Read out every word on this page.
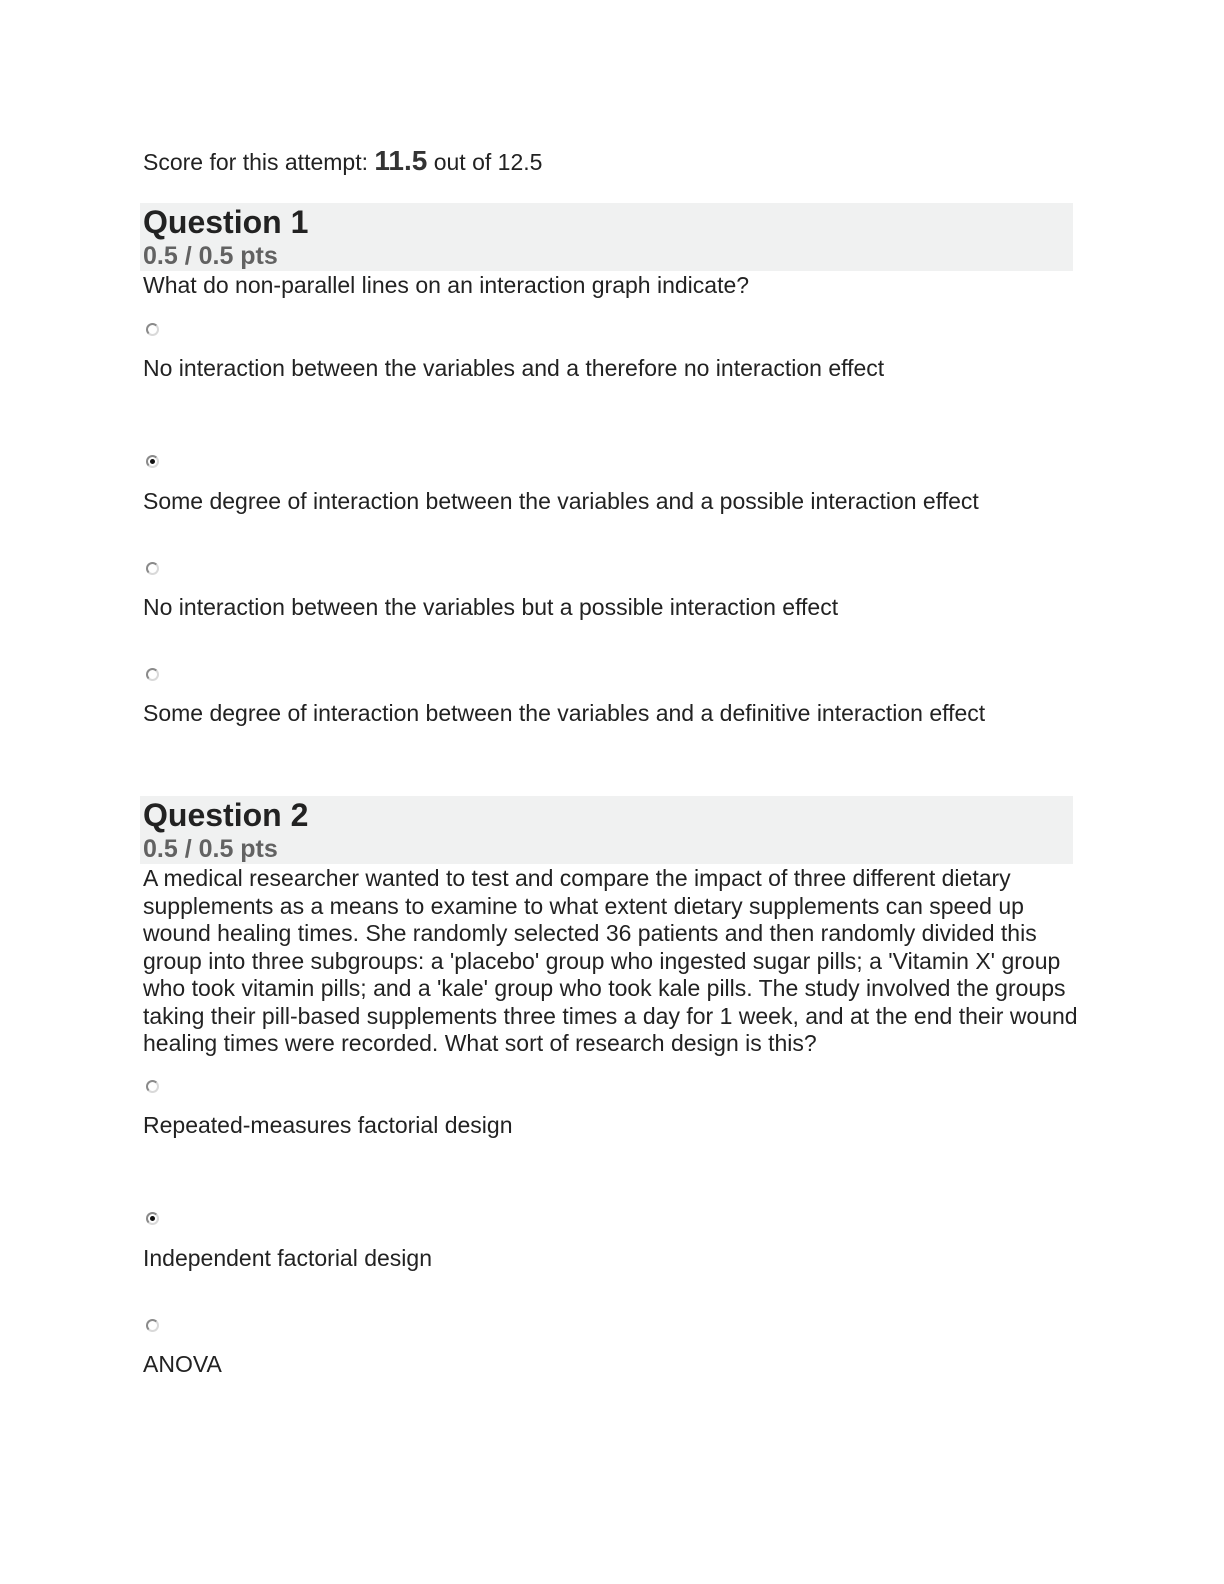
Score for this attempt: 11.5 out of 12.5
Question 1
0.5 / 0.5 pts
What do non-parallel lines on an interaction graph indicate?
No interaction between the variables and a therefore no interaction effect
Some degree of interaction between the variables and a possible interaction effect
No interaction between the variables but a possible interaction effect
Some degree of interaction between the variables and a definitive interaction effect
Question 2
0.5 / 0.5 pts
A medical researcher wanted to test and compare the impact of three different dietary supplements as a means to examine to what extent dietary supplements can speed up wound healing times. She randomly selected 36 patients and then randomly divided this group into three subgroups: a 'placebo' group who ingested sugar pills; a 'Vitamin X' group who took vitamin pills; and a 'kale' group who took kale pills. The study involved the groups taking their pill-based supplements three times a day for 1 week, and at the end their wound healing times were recorded. What sort of research design is this?
Repeated-measures factorial design
Independent factorial design
ANOVA
